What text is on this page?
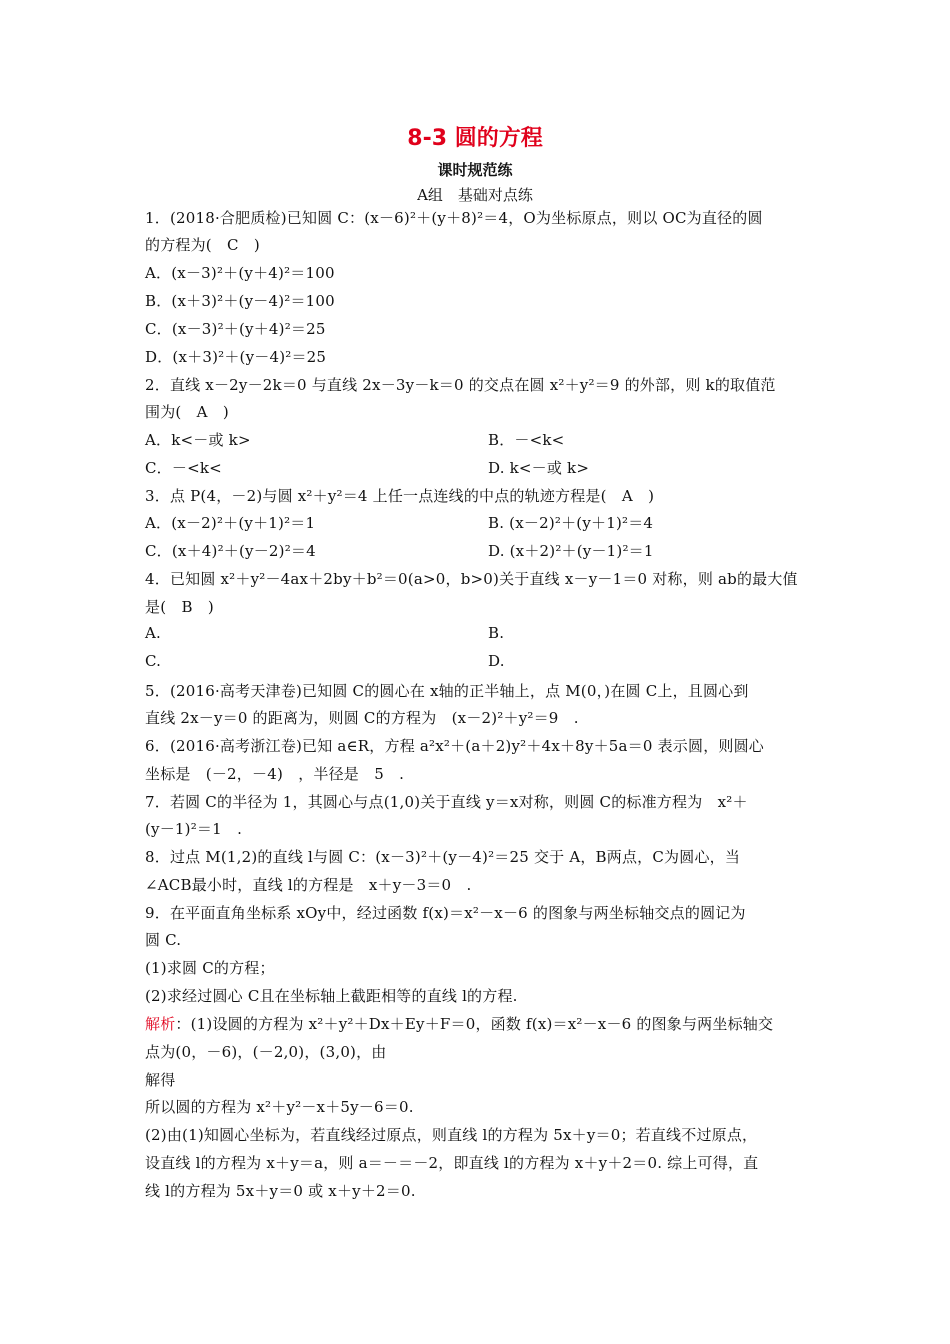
8-3 圆的方程
课时规范练
A组　基础对点练
1．(2018·合肥质检)已知圆 C：(x－6)²＋(y＋8)²＝4，O为坐标原点，则以 OC为直径的圆
的方程为(　C　)
A．(x－3)²＋(y＋4)²＝100
B．(x＋3)²＋(y－4)²＝100
C．(x－3)²＋(y＋4)²＝25
D．(x＋3)²＋(y－4)²＝25
2．直线 x－2y－2k＝0 与直线 2x－3y－k＝0 的交点在圆 x²＋y²＝9 的外部，则 k的取值范
围为(　A　)
A．k<－或 k>	B．－<k<
C．－<k<	D. k<－或 k>
3．点 P(4，－2)与圆 x²＋y²＝4 上任一点连线的中点的轨迹方程是(　A　)
A．(x－2)²＋(y＋1)²＝1	B. (x－2)²＋(y＋1)²＝4
C．(x＋4)²＋(y－2)²＝4	D. (x＋2)²＋(y－1)²＝1
4．已知圆 x²＋y²－4ax＋2by＋b²＝0(a>0，b>0)关于直线 x－y－1＝0 对称，则 ab的最大值
是(　B　)
A.	B.
C.	D.
5．(2016·高考天津卷)已知圆 C的圆心在 x轴的正半轴上，点 M(0，)在圆 C上，且圆心到
直线 2x－y＝0 的距离为，则圆 C的方程为　(x－2)²＋y²＝9　.
6．(2016·高考浙江卷)已知 a∈R，方程 a²x²＋(a＋2)y²＋4x＋8y＋5a＝0 表示圆，则圆心
坐标是　(－2，－4)　，半径是　5　.
7．若圆 C的半径为 1，其圆心与点(1,0)关于直线 y＝x对称，则圆 C的标准方程为　x²＋
(y－1)²＝1　.
8．过点 M(1,2)的直线 l与圆 C：(x－3)²＋(y－4)²＝25 交于 A，B两点，C为圆心，当
∠ACB最小时，直线 l的方程是　x＋y－3＝0　.
9．在平面直角坐标系 xOy中，经过函数 f(x)＝x²－x－6 的图象与两坐标轴交点的圆记为
圆 C.
(1)求圆 C的方程；
(2)求经过圆心 C且在坐标轴上截距相等的直线 l的方程.
解析：(1)设圆的方程为 x²＋y²＋Dx＋Ey＋F＝0，函数 f(x)＝x²－x－6 的图象与两坐标轴交
点为(0，－6)，(－2,0)，(3,0)，由
解得
所以圆的方程为 x²＋y²－x＋5y－6＝0.
(2)由(1)知圆心坐标为，若直线经过原点，则直线 l的方程为 5x＋y＝0；若直线不过原点，
设直线 l的方程为 x＋y＝a，则 a＝－＝－2，即直线 l的方程为 x＋y＋2＝0. 综上可得，直
线 l的方程为 5x＋y＝0 或 x＋y＋2＝0.
